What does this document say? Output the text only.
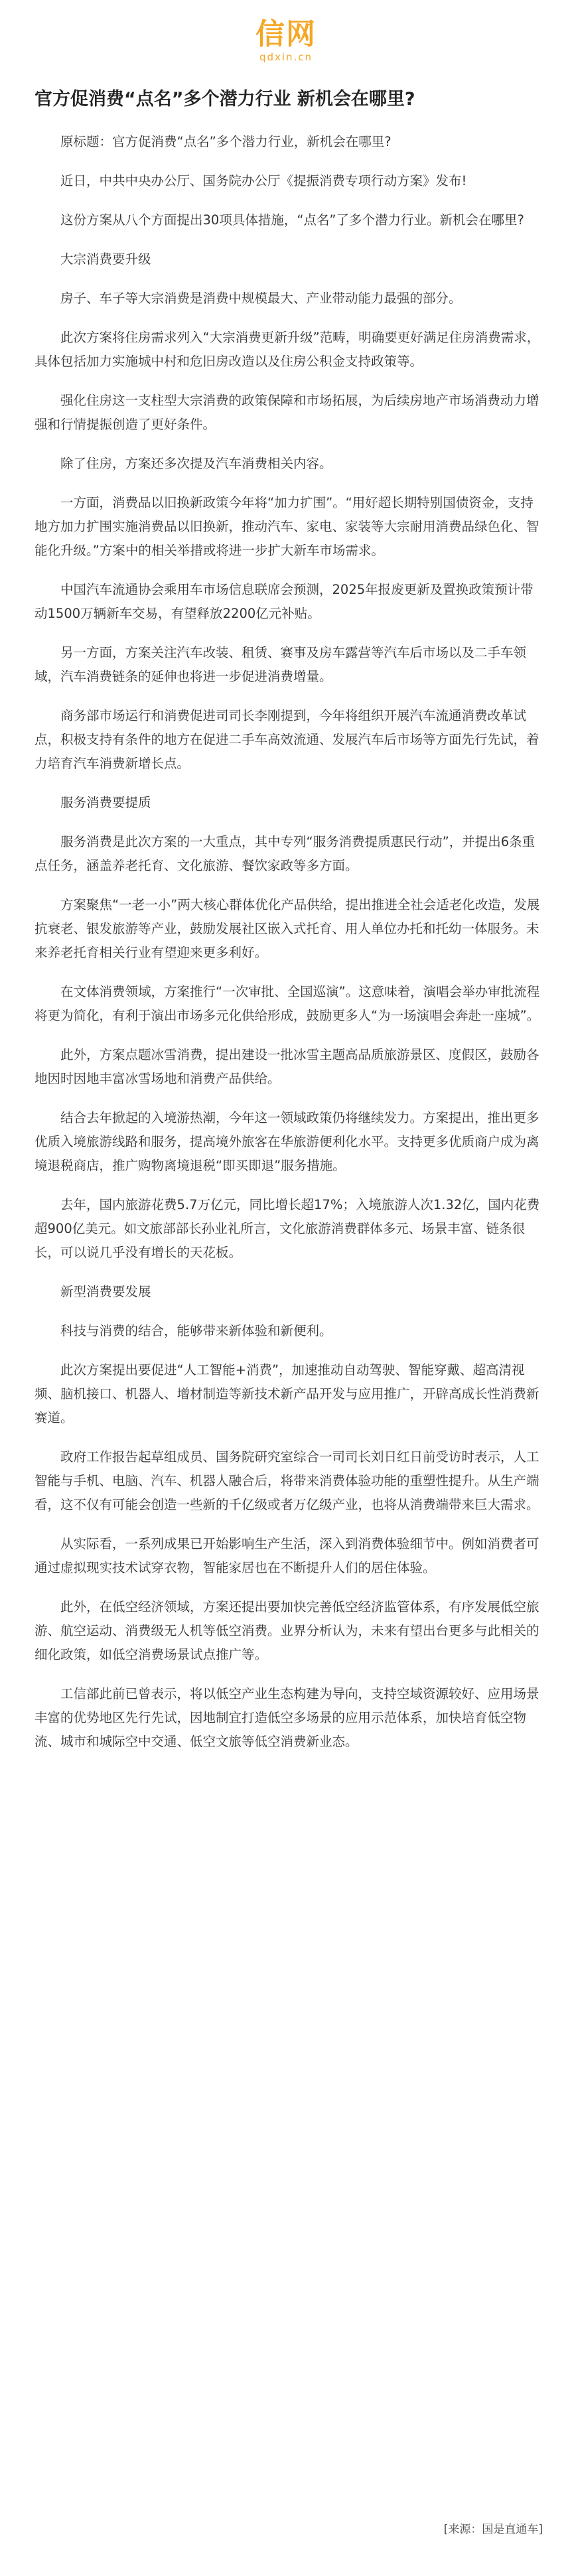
信网
qdxin.cn
官方促消费“点名”多个潜力行业 新机会在哪里?

原标题：官方促消费“点名”多个潜力行业，新机会在哪里?

近日，中共中央办公厅、国务院办公厅《提振消费专项行动方案》发布!

这份方案从八个方面提出30项具体措施，“点名”了多个潜力行业。新机会在哪里?

大宗消费要升级

房子、车子等大宗消费是消费中规模最大、产业带动能力最强的部分。

此次方案将住房需求列入“大宗消费更新升级”范畴，明确要更好满足住房消费需求，具体包括加力实施城中村和危旧房改造以及住房公积金支持政策等。

强化住房这一支柱型大宗消费的政策保障和市场拓展，为后续房地产市场消费动力增强和行情提振创造了更好条件。

除了住房，方案还多次提及汽车消费相关内容。

一方面，消费品以旧换新政策今年将“加力扩围”。“用好超长期特别国债资金，支持地方加力扩围实施消费品以旧换新，推动汽车、家电、家装等大宗耐用消费品绿色化、智能化升级。”方案中的相关举措或将进一步扩大新车市场需求。

中国汽车流通协会乘用车市场信息联席会预测，2025年报废更新及置换政策预计带动1500万辆新车交易，有望释放2200亿元补贴。

另一方面，方案关注汽车改装、租赁、赛事及房车露营等汽车后市场以及二手车领域，汽车消费链条的延伸也将进一步促进消费增量。

商务部市场运行和消费促进司司长李刚提到，今年将组织开展汽车流通消费改革试点，积极支持有条件的地方在促进二手车高效流通、发展汽车后市场等方面先行先试，着力培育汽车消费新增长点。

服务消费要提质

服务消费是此次方案的一大重点，其中专列“服务消费提质惠民行动”，并提出6条重点任务，涵盖养老托育、文化旅游、餐饮家政等多方面。

方案聚焦“一老一小”两大核心群体优化产品供给，提出推进全社会适老化改造，发展抗衰老、银发旅游等产业，鼓励发展社区嵌入式托育、用人单位办托和托幼一体服务。未来养老托育相关行业有望迎来更多利好。

在文体消费领域，方案推行“一次审批、全国巡演”。这意味着，演唱会举办审批流程将更为简化，有利于演出市场多元化供给形成，鼓励更多人“为一场演唱会奔赴一座城”。

此外，方案点题冰雪消费，提出建设一批冰雪主题高品质旅游景区、度假区，鼓励各地因时因地丰富冰雪场地和消费产品供给。

结合去年掀起的入境游热潮，今年这一领域政策仍将继续发力。方案提出，推出更多优质入境旅游线路和服务，提高境外旅客在华旅游便利化水平。支持更多优质商户成为离境退税商店，推广购物离境退税“即买即退”服务措施。

去年，国内旅游花费5.7万亿元，同比增长超17%；入境旅游人次1.32亿，国内花费超900亿美元。如文旅部部长孙业礼所言，文化旅游消费群体多元、场景丰富、链条很长，可以说几乎没有增长的天花板。

新型消费要发展

科技与消费的结合，能够带来新体验和新便利。

此次方案提出要促进“人工智能+消费”，加速推动自动驾驶、智能穿戴、超高清视频、脑机接口、机器人、增材制造等新技术新产品开发与应用推广，开辟高成长性消费新赛道。

政府工作报告起草组成员、国务院研究室综合一司司长刘日红日前受访时表示，人工智能与手机、电脑、汽车、机器人融合后，将带来消费体验功能的重塑性提升。从生产端看，这不仅有可能会创造一些新的千亿级或者万亿级产业，也将从消费端带来巨大需求。

从实际看，一系列成果已开始影响生产生活，深入到消费体验细节中。例如消费者可通过虚拟现实技术试穿衣物，智能家居也在不断提升人们的居住体验。

此外，在低空经济领域，方案还提出要加快完善低空经济监管体系，有序发展低空旅游、航空运动、消费级无人机等低空消费。业界分析认为，未来有望出台更多与此相关的细化政策，如低空消费场景试点推广等。

工信部此前已曾表示，将以低空产业生态构建为导向，支持空域资源较好、应用场景丰富的优势地区先行先试，因地制宜打造低空多场景的应用示范体系，加快培育低空物流、城市和城际空中交通、低空文旅等低空消费新业态。

[来源：国是直通车]
